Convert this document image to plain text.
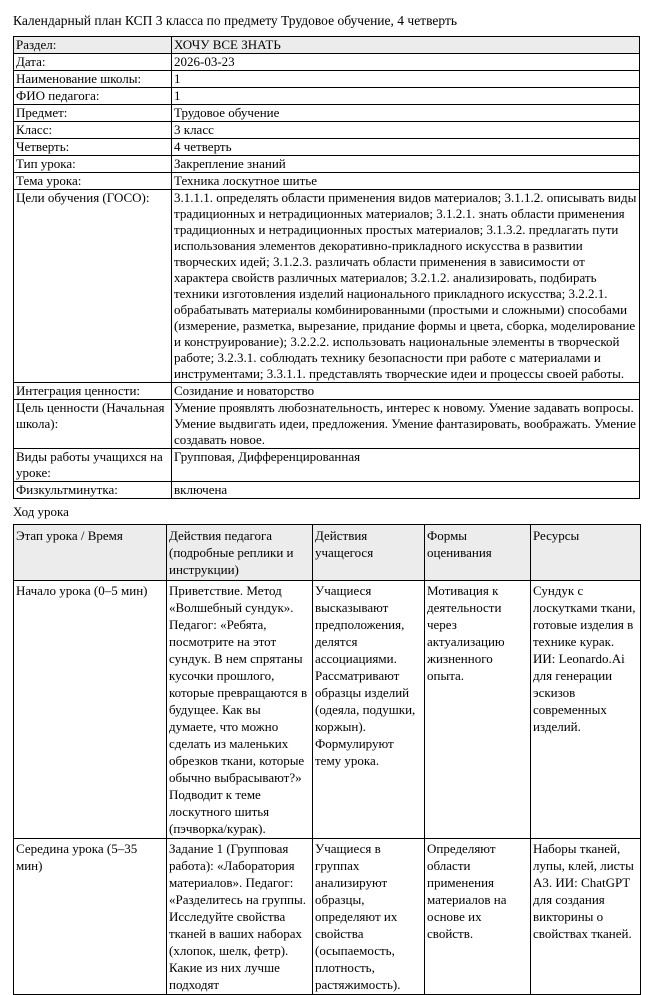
Календарный план КСП 3 класса по предмету Трудовое обучение, 4 четверть
Раздел:	ХОЧУ ВСЕ ЗНАТЬ
Дата:	2026-03-23
Наименование школы:	1
ФИО педагога:	1
Предмет:	Трудовое обучение
Класс:	3 класс
Четверть:	4 четверть
Тип урока:	Закрепление знаний
Тема урока:	Техника лоскутное шитье
Цели обучения (ГОСО):	3.1.1.1. определять области применения видов материалов; 3.1.1.2. описывать виды традиционных и нетрадиционных материалов; 3.1.2.1. знать области применения традиционных и нетрадиционных простых материалов; 3.1.3.2. предлагать пути использования элементов декоративно-прикладного искусства в развитии творческих идей; 3.1.2.3. различать области применения в зависимости от характера свойств различных материалов; 3.2.1.2. анализировать, подбирать техники изготовления изделий национального прикладного искусства; 3.2.2.1. обрабатывать материалы комбинированными (простыми и сложными) способами (измерение, разметка, вырезание, придание формы и цвета, сборка, моделирование и конструирование); 3.2.2.2. использовать национальные элементы в творческой работе; 3.2.3.1. соблюдать технику безопасности при работе с материалами и инструментами; 3.3.1.1. представлять творческие идеи и процессы своей работы.
Интеграция ценности:	Созидание и новаторство
Цель ценности (Начальная школа):	Умение проявлять любознательность, интерес к новому. Умение задавать вопросы. Умение выдвигать идеи, предложения. Умение фантазировать, воображать. Умение создавать новое.
Виды работы учащихся на уроке:	Групповая, Дифференцированная
Физкультминутка:	включена
Ход урока
Этап урока / Время	Действия педагога (подробные реплики и инструкции)	Действия учащегося	Формы оценивания	Ресурсы
Начало урока (0–5 мин)	Приветствие. Метод «Волшебный сундук». Педагог: «Ребята, посмотрите на этот сундук. В нем спрятаны кусочки прошлого, которые превращаются в будущее. Как вы думаете, что можно сделать из маленьких обрезков ткани, которые обычно выбрасывают?» Подводит к теме лоскутного шитья (пэчворка/курак).	Учащиеся высказывают предположения, делятся ассоциациями. Рассматривают образцы изделий (одеяла, подушки, коржын). Формулируют тему урока.	Мотивация к деятельности через актуализацию жизненного опыта.	Сундук с лоскутками ткани, готовые изделия в технике курак. ИИ: Leonardo.Ai для генерации эскизов современных изделий.
Середина урока (5–35 мин)	Задание 1 (Групповая работа): «Лаборатория материалов». Педагог: «Разделитесь на группы. Исследуйте свойства тканей в ваших наборах (хлопок, шелк, фетр). Какие из них лучше подходят	Учащиеся в группах анализируют образцы, определяют их свойства (осыпаемость, плотность, растяжимость).	Определяют области применения материалов на основе их свойств.	Наборы тканей, лупы, клей, листы А3. ИИ: ChatGPT для создания викторины о свойствах тканей.
